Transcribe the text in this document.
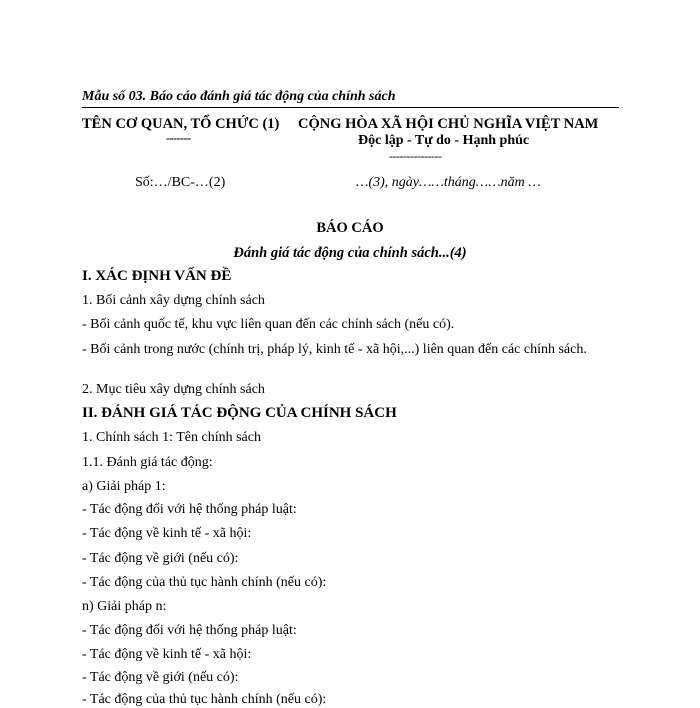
Mẫu số 03. Báo cáo đánh giá tác động của chính sách
TÊN CƠ QUAN, TỔ CHỨC (1)
-------
CỘNG HÒA XÃ HỘI CHỦ NGHĨA VIỆT NAM
Độc lập - Tự do - Hạnh phúc
---------------
Số:…/BC-…(2)	…(3), ngày……tháng……năm …
BÁO CÁO
Đánh giá tác động của chính sách...(4)
I. XÁC ĐỊNH VẤN ĐỀ
1. Bối cảnh xây dựng chính sách
- Bối cảnh quốc tế, khu vực liên quan đến các chính sách (nếu có).
- Bối cảnh trong nước (chính trị, pháp lý, kinh tế - xã hội,...) liên quan đến các chính sách.
2. Mục tiêu xây dựng chính sách
II. ĐÁNH GIÁ TÁC ĐỘNG CỦA CHÍNH SÁCH
1. Chính sách 1: Tên chính sách
1.1. Đánh giá tác động:
a) Giải pháp 1:
- Tác động đối với hệ thống pháp luật:
- Tác động về kinh tế - xã hội:
- Tác động về giới (nếu có):
- Tác động của thủ tục hành chính (nếu có):
n) Giải pháp n:
- Tác động đối với hệ thống pháp luật:
- Tác động về kinh tế - xã hội:
- Tác động về giới (nếu có):
- Tác động của thủ tục hành chính (nếu có):
